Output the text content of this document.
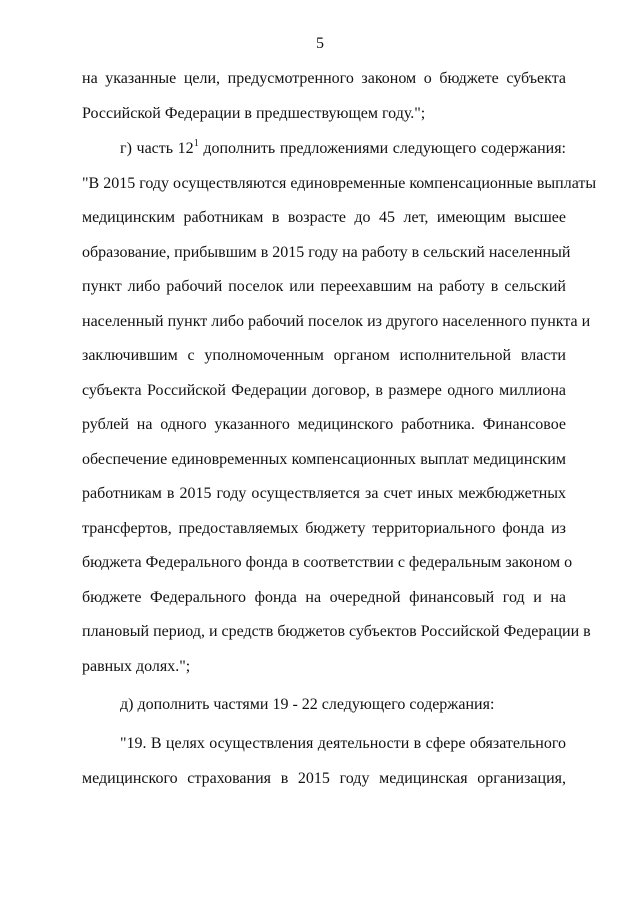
5
на указанные цели, предусмотренного законом о бюджете субъекта
Российской Федерации в предшествующем году.";
г) часть $12^1$ дополнить предложениями следующего содержания:
"В 2015 году осуществляются единовременные компенсационные выплаты
медицинским работникам в возрасте до 45 лет, имеющим высшее
образование, прибывшим в 2015 году на работу в сельский населенный
пункт либо рабочий поселок или переехавшим на работу в сельский
населенный пункт либо рабочий поселок из другого населенного пункта и
заключившим с уполномоченным органом исполнительной власти
субъекта Российской Федерации договор, в размере одного миллиона
рублей на одного указанного медицинского работника. Финансовое
обеспечение единовременных компенсационных выплат медицинским
работникам в 2015 году осуществляется за счет иных межбюджетных
трансфертов, предоставляемых бюджету территориального фонда из
бюджета Федерального фонда в соответствии с федеральным законом о
бюджете Федерального фонда на очередной финансовый год и на
плановый период, и средств бюджетов субъектов Российской Федерации в
равных долях.";
д) дополнить частями 19 - 22 следующего содержания:
"19. В целях осуществления деятельности в сфере обязательного
медицинского страхования в 2015 году медицинская организация,
